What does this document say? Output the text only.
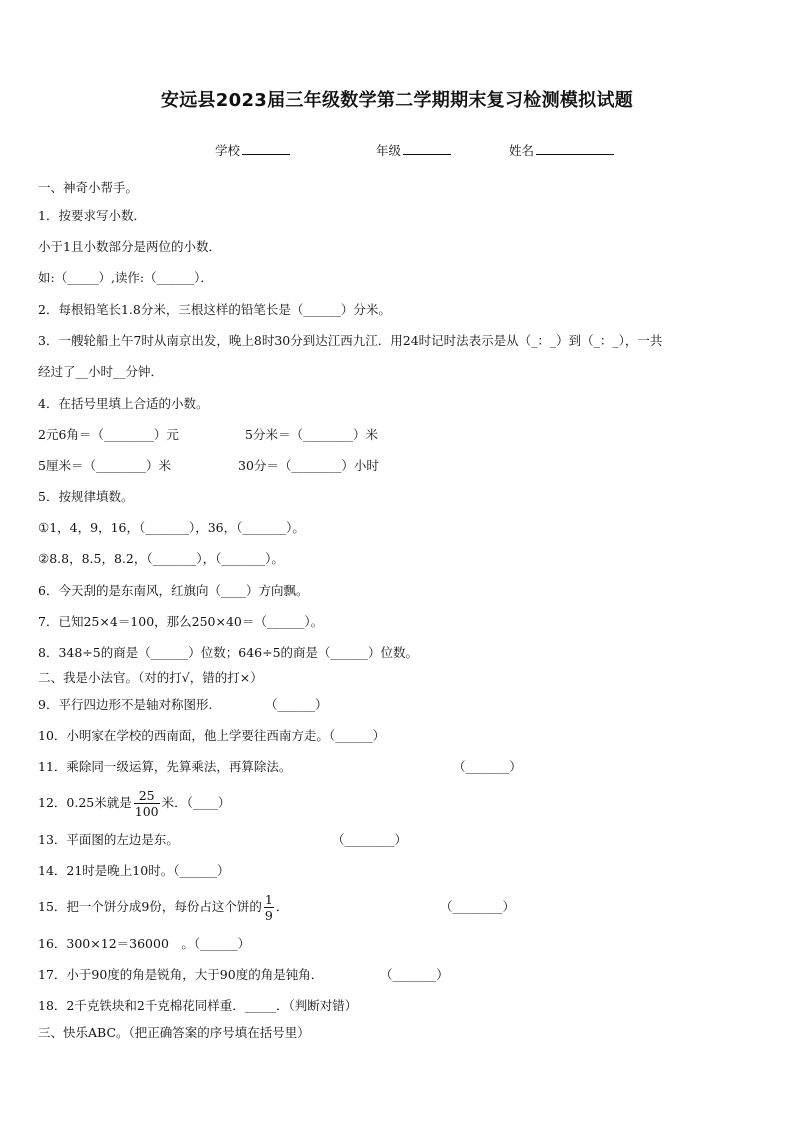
安远县2023届三年级数学第二学期期末复习检测模拟试题
学校	年级	姓名
一、神奇小帮手。
1．按要求写小数．
小于1且小数部分是两位的小数．
如:（_____）,读作:（______）．
2．每根铅笔长1.8分米，三根这样的铅笔长是（______）分米。
3．一艘轮船上午7时从南京出发，晚上8时30分到达江西九江．用24时记时法表示是从（_：_）到（_：_），一共
经过了__小时__分钟．
4．在括号里填上合适的小数。
2元6角＝（________）元	5分米＝（________）米
5厘米＝（________）米	30分＝（________）小时
5．按规律填数。
①1，4，9，16，（_______），36，（_______）。
②8.8，8.5，8.2，（_______），（_______）。
6．今天刮的是东南风，红旗向（____）方向飘。
7．已知25×4＝100，那么250×40＝（______）。
8．348÷5的商是（______）位数；646÷5的商是（______）位数。
二、我是小法官。（对的打√，错的打×）
9．平行四边形不是轴对称图形.	（______）
10．小明家在学校的西南面，他上学要往西南方走。（______）
11．乘除同一级运算，先算乘法，再算除法。	（_______）
12．0.25米就是 $\frac{25}{100}$ 米．（____）
13．平面图的左边是东。	（________）
14．21时是晚上10时。（______）
15．把一个饼分成9份，每份占这个饼的 $\frac{1}{9}$ ．	（________）
16．300×12＝36000　。（______）
17．小于90度的角是锐角，大于90度的角是钝角．	（_______）
18．2千克铁块和2千克棉花同样重．_____．（判断对错）
三、快乐ABC。（把正确答案的序号填在括号里）
